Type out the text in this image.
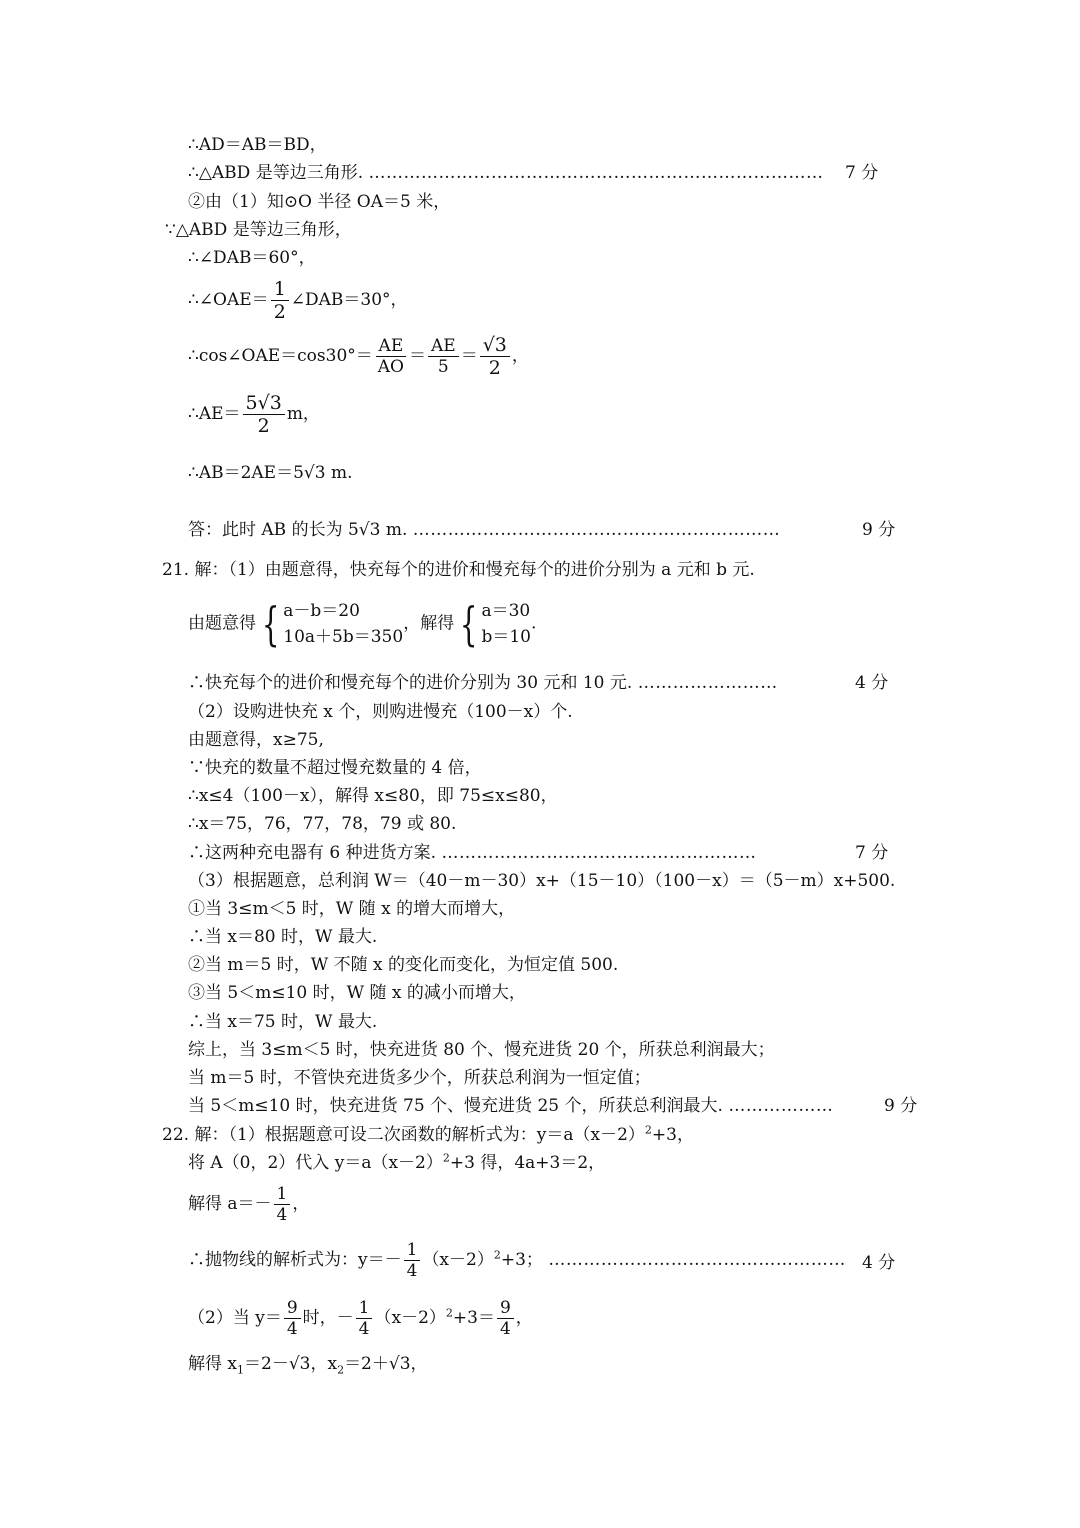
∴AD＝AB＝BD，
∴△ABD 是等边三角形. …………………………………………………………………… 7 分
②由（1）知⊙O 半径 OA＝5 米，
∵△ABD 是等边三角形，
∴∠DAB＝60°，
∴∠OAE＝ $\frac{1}{2}$ ∠DAB＝30°，
∴cos∠OAE＝cos30°＝ $\frac{AE}{AO} = \frac{AE}{5} = \frac{√3}{2}$ ，
∴AE＝ $\frac{5√3}{2}$ m，
∴AB＝2AE＝5√3 m.
答：此时 AB 的长为 5√3 m. ………………………………………………………	9 分
21. 解：（1）由题意得，快充每个的进价和慢充每个的进价分别为 a 元和 b 元.
由题意得 { a－b＝20
10a＋5b＝350
，解得 { a＝30
b＝10
.
∴快充每个的进价和慢充每个的进价分别为 30 元和 10 元. ……………………	4 分
（2）设购进快充 x 个，则购进慢充（100－x）个.
由题意得，x≥75,
∵快充的数量不超过慢充数量的 4 倍，
∴x≤4（100－x），解得 x≤80，即 75≤x≤80，
∴x＝75，76，77，78，79 或 80.
∴这两种充电器有 6 种进货方案. ………………………………………………	7 分
（3）根据题意，总利润 W＝（40－m－30）x+（15－10）（100－x）＝（5－m）x+500.
①当 3≤m＜5 时，W 随 x 的增大而增大，
∴当 x＝80 时，W 最大.
②当 m＝5 时，W 不随 x 的变化而变化，为恒定值 500.
③当 5＜m≤10 时，W 随 x 的减小而增大，
∴当 x＝75 时，W 最大.
综上，当 3≤m＜5 时，快充进货 80 个、慢充进货 20 个，所获总利润最大；
当 m＝5 时，不管快充进货多少个，所获总利润为一恒定值；
当 5＜m≤10 时，快充进货 75 个、慢充进货 25 个，所获总利润最大. ………………	9 分
22. 解：（1）根据题意可设二次函数的解析式为：$y=a(x-2)^2+3$，
将 A（0，2）代入 $y=a(x-2)^2+3$ 得，4a+3＝2，
解得 $a=- \frac{1}{4}$ ，
∴抛物线的解析式为：$y=- \frac{1}{4} (x-2)^2+3$； …………………………………………… 4 分
（2）当 $y= \frac{9}{4}$ 时，－ $\frac{1}{4} (x-2)^2+3= \frac{9}{4}$ ，
解得 $x_1=2-√3$，$x_2=2+√3$，
